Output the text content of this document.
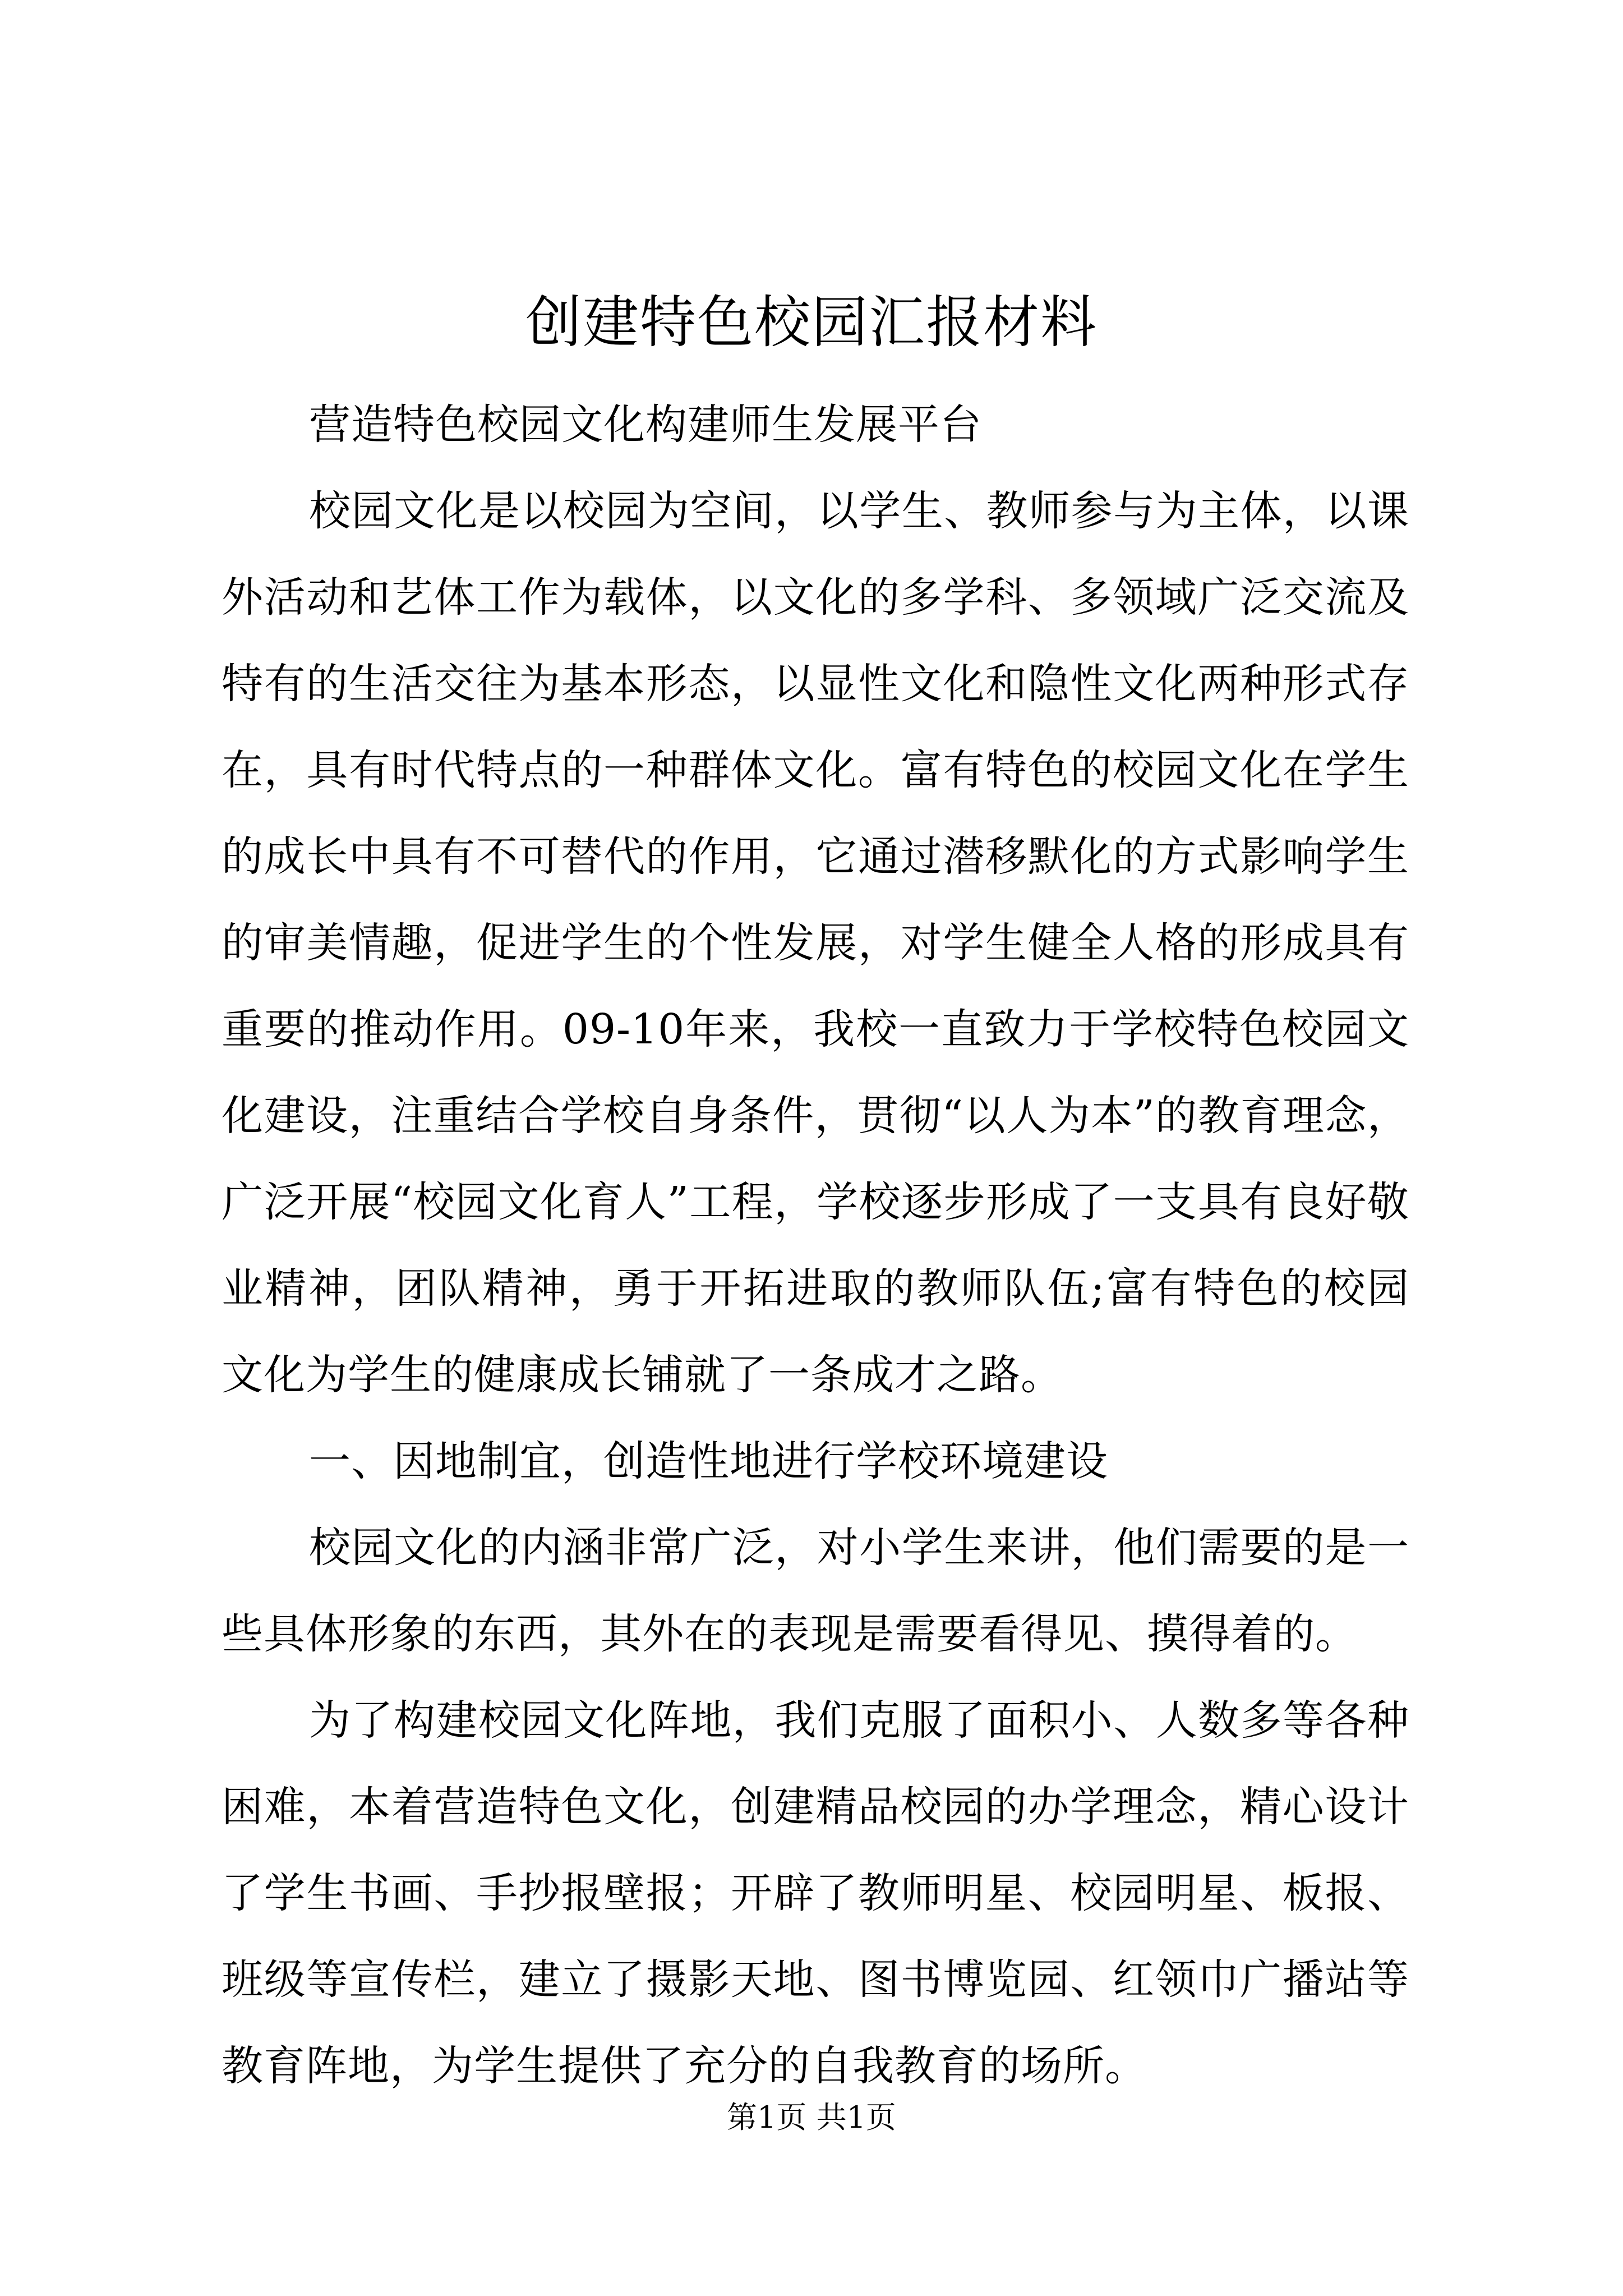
创建特色校园汇报材料

营造特色校园文化构建师生发展平台

校园文化是以校园为空间，以学生、教师参与为主体，以课外活动和艺体工作为载体，以文化的多学科、多领域广泛交流及特有的生活交往为基本形态，以显性文化和隐性文化两种形式存在，具有时代特点的一种群体文化。富有特色的校园文化在学生的成长中具有不可替代的作用，它通过潜移默化的方式影响学生的审美情趣，促进学生的个性发展，对学生健全人格的形成具有重要的推动作用。09-10年来，我校一直致力于学校特色校园文化建设，注重结合学校自身条件，贯彻“以人为本”的教育理念，广泛开展“校园文化育人”工程，学校逐步形成了一支具有良好敬业精神，团队精神，勇于开拓进取的教师队伍;富有特色的校园文化为学生的健康成长铺就了一条成才之路。

一、因地制宜，创造性地进行学校环境建设

校园文化的内涵非常广泛，对小学生来讲，他们需要的是一些具体形象的东西，其外在的表现是需要看得见、摸得着的。

为了构建校园文化阵地，我们克服了面积小、人数多等各种困难，本着营造特色文化，创建精品校园的办学理念，精心设计了学生书画、手抄报壁报；开辟了教师明星、校园明星、板报、班级等宣传栏，建立了摄影天地、图书博览园、红领巾广播站等教育阵地，为学生提供了充分的自我教育的场所。

第1页 共1页
